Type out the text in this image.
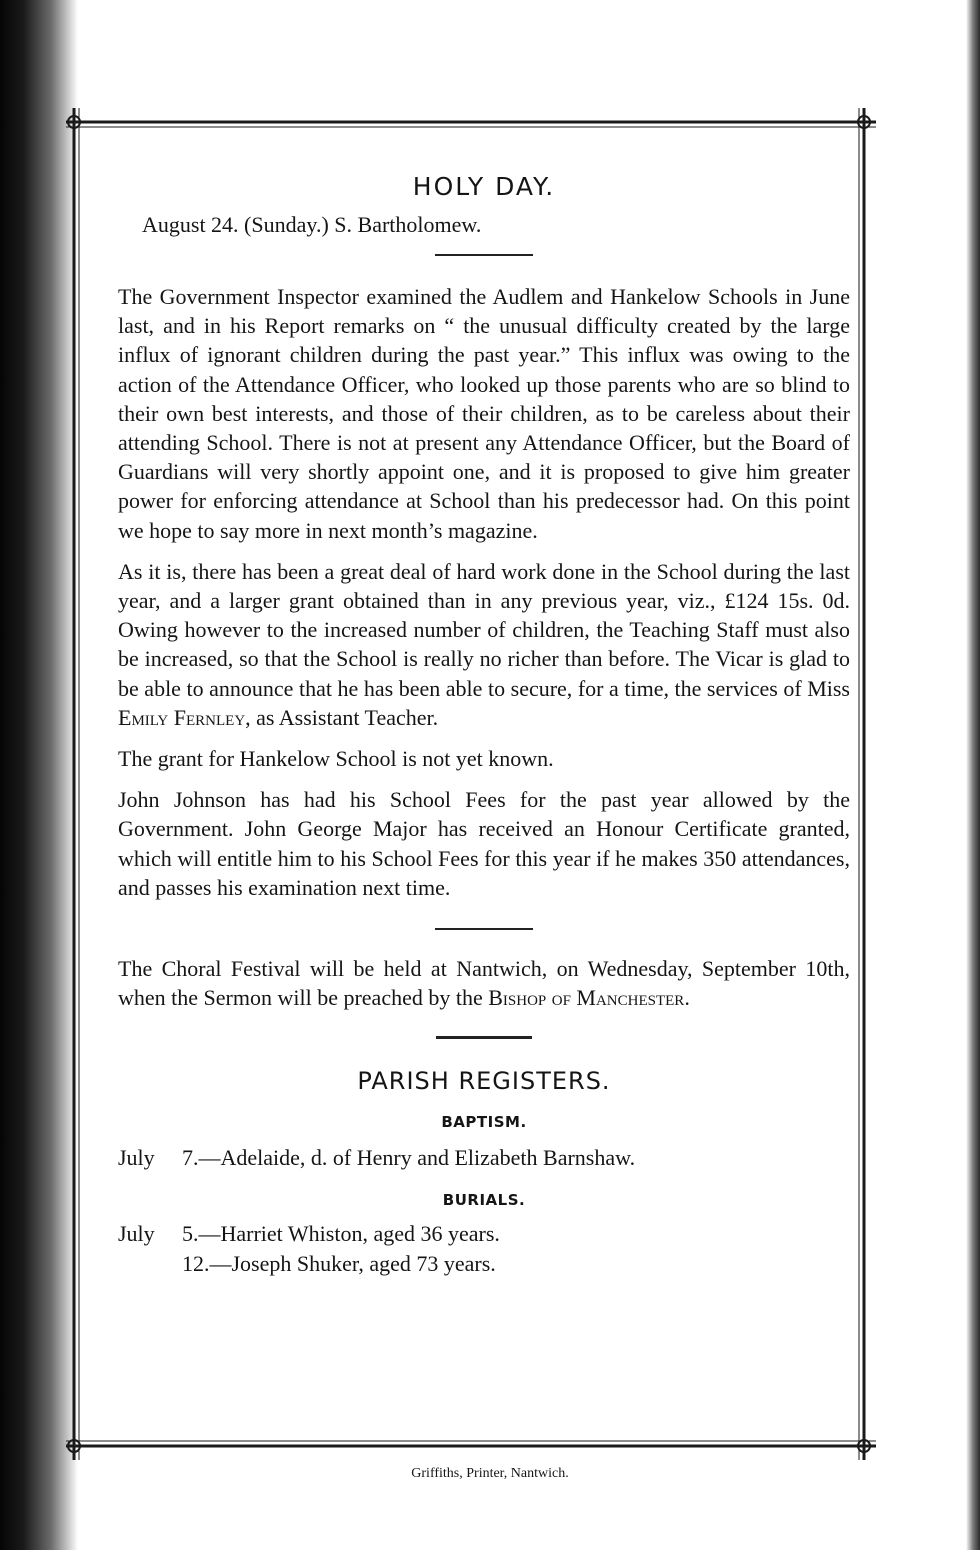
HOLY DAY.
August 24. (Sunday.) S. Bartholomew.

The Government Inspector examined the Audlem and Hankelow Schools in June last, and in his Report remarks on “ the unusual difficulty created by the large influx of ignorant children during the past year.” This influx was owing to the action of the Attendance Officer, who looked up those parents who are so blind to their own best interests, and those of their children, as to be careless about their attending School. There is not at present any Attendance Officer, but the Board of Guardians will very shortly appoint one, and it is proposed to give him greater power for enforcing attendance at School than his predecessor had. On this point we hope to say more in next month’s magazine.

As it is, there has been a great deal of hard work done in the School during the last year, and a larger grant obtained than in any previous year, viz., £124 15s. 0d. Owing however to the increased number of children, the Teaching Staff must also be increased, so that the School is really no richer than before. The Vicar is glad to be able to announce that he has been able to secure, for a time, the services of Miss Emily Fernley, as Assistant Teacher.

The grant for Hankelow School is not yet known.

John Johnson has had his School Fees for the past year allowed by the Government. John George Major has received an Honour Certificate granted, which will entitle him to his School Fees for this year if he makes 350 attendances, and passes his examination next time.

The Choral Festival will be held at Nantwich, on Wednesday, September 10th, when the Sermon will be preached by the Bishop of Manchester.

PARISH REGISTERS.
BAPTISM.
July 7.—Adelaide, d. of Henry and Elizabeth Barnshaw.
BURIALS.
July 5.—Harriet Whiston, aged 36 years.
12.—Joseph Shuker, aged 73 years.
Griffiths, Printer, Nantwich.
